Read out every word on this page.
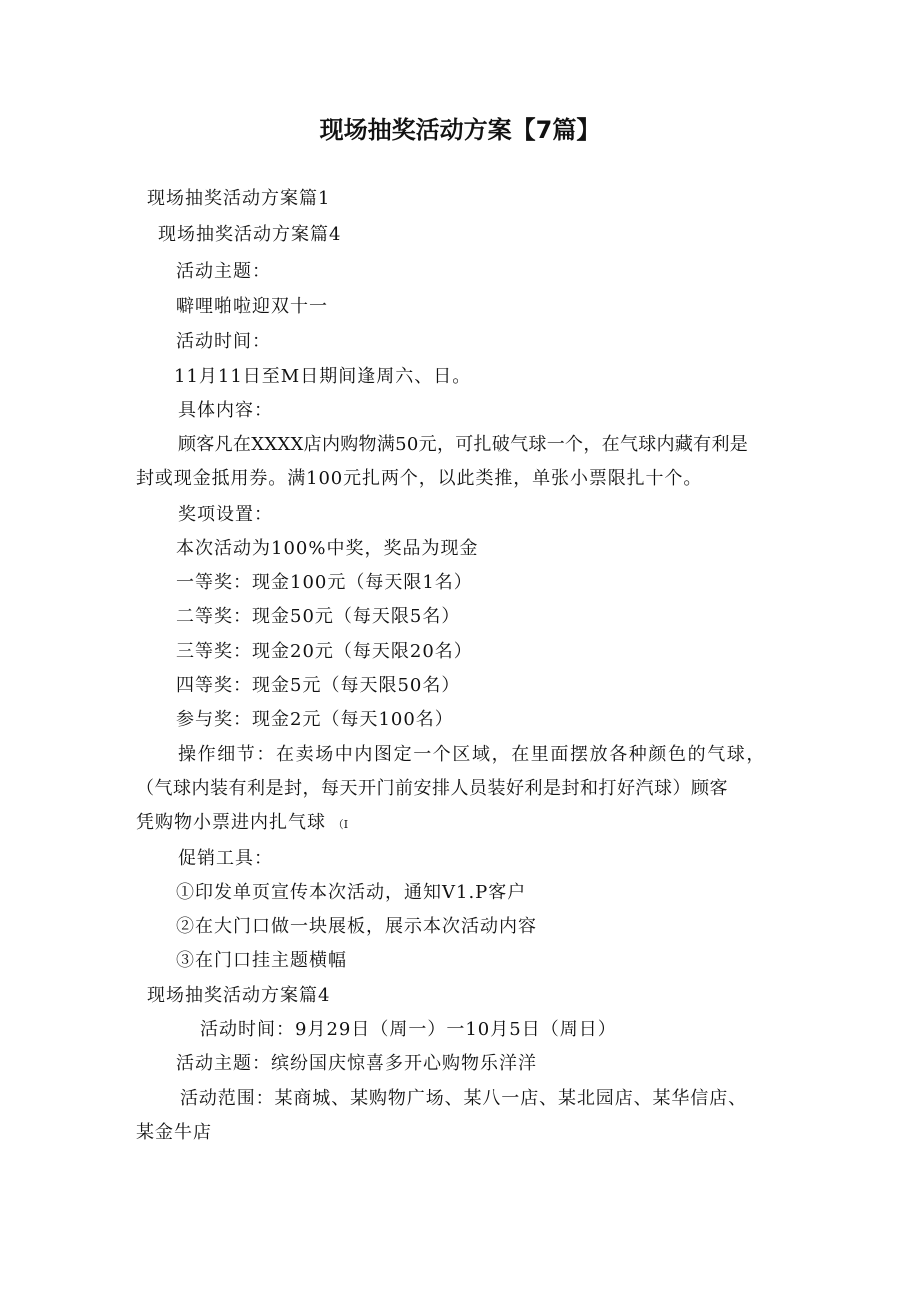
现场抽奖活动方案【7篇】
现场抽奖活动方案篇1
现场抽奖活动方案篇4
活动主题：
噼哩啪啦迎双十一
活动时间：
11月11日至M日期间逢周六、日。
具体内容：
顾客凡在XXXX店内购物满50元，可扎破气球一个，在气球内藏有利是
封或现金抵用券。满100元扎两个，以此类推，单张小票限扎十个。
奖项设置：
本次活动为100%中奖，奖品为现金
一等奖：现金100元（每天限1名）
二等奖：现金50元（每天限5名）
三等奖：现金20元（每天限20名）
四等奖：现金5元（每天限50名）
参与奖：现金2元（每天100名）
操作细节：在卖场中内图定一个区域，在里面摆放各种颜色的气球，
（气球内装有利是封，每天开门前安排人员装好利是封和打好汽球）顾客
凭购物小票进内扎气球 （I
促销工具：
①印发单页宣传本次活动，通知V1.P客户
②在大门口做一块展板，展示本次活动内容
③在门口挂主题横幅
现场抽奖活动方案篇4
活动时间：9月29日（周一）一10月5日（周日）
活动主题：缤纷国庆惊喜多开心购物乐洋洋
活动范围：某商城、某购物广场、某八一店、某北园店、某华信店、
某金牛店
